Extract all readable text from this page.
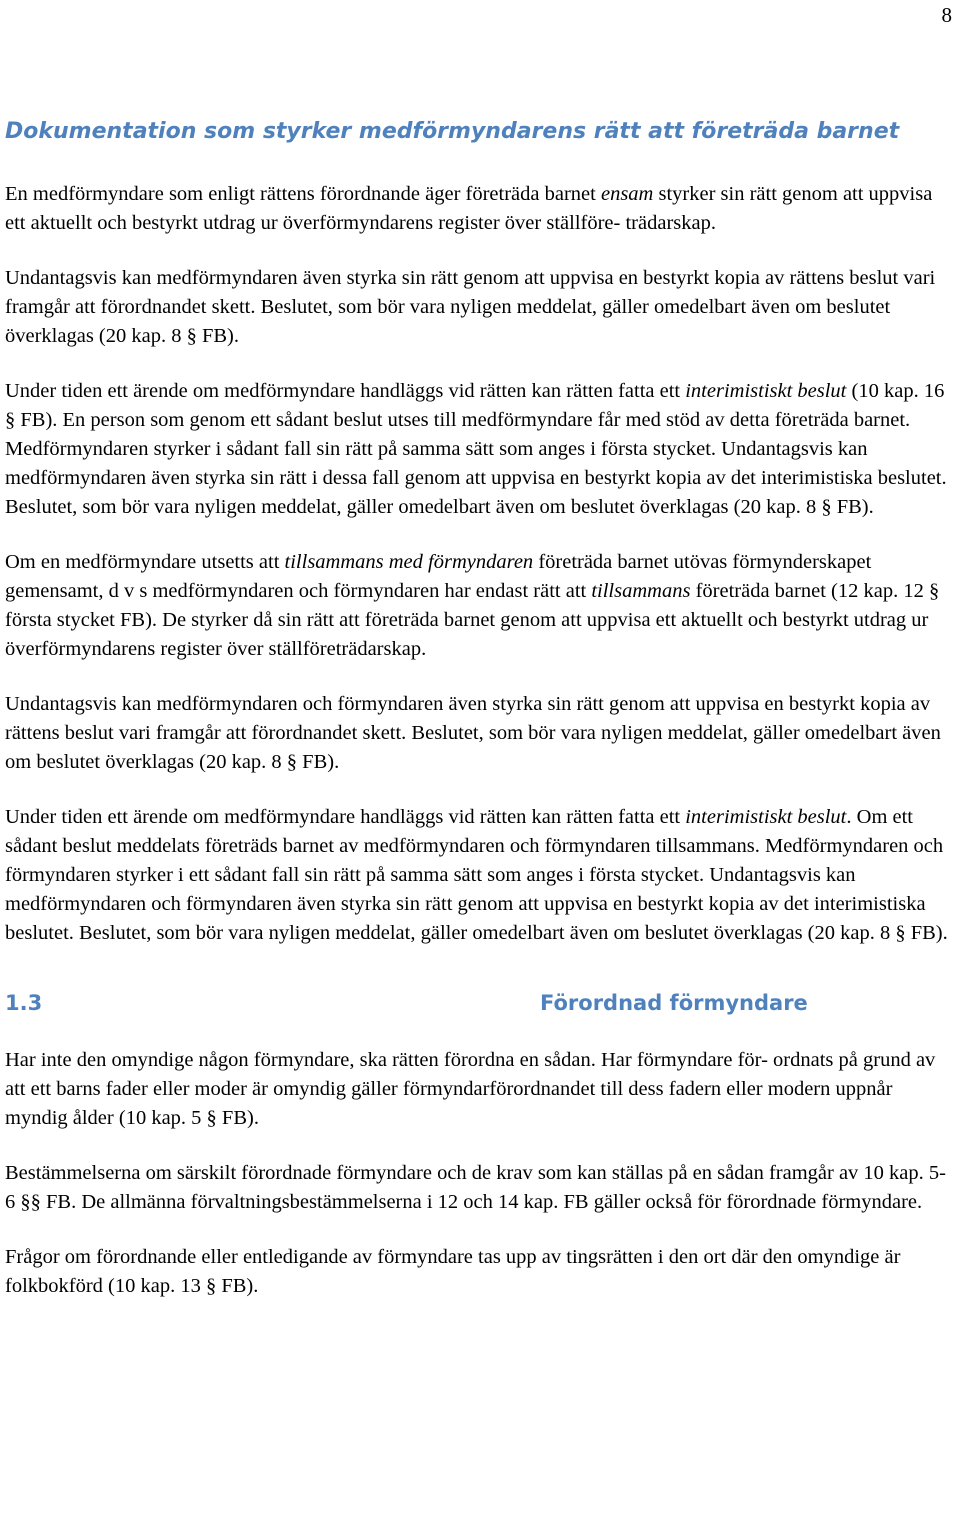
8
Dokumentation som styrker medförmyndarens rätt att företräda barnet

En medförmyndare som enligt rättens förordnande äger företräda barnet ensam styrker sin rätt genom att uppvisa ett aktuellt och bestyrkt utdrag ur överförmyndarens register över ställföre- trädarskap.

Undantagsvis kan medförmyndaren även styrka sin rätt genom att uppvisa en bestyrkt kopia av rättens beslut vari framgår att förordnandet skett. Beslutet, som bör vara nyligen meddelat, gäller omedelbart även om beslutet överklagas (20 kap. 8 § FB).

Under tiden ett ärende om medförmyndare handläggs vid rätten kan rätten fatta ett interimistiskt beslut (10 kap. 16 § FB). En person som genom ett sådant beslut utses till medförmyndare får med stöd av detta företräda barnet. Medförmyndaren styrker i sådant fall sin rätt på samma sätt som anges i första stycket. Undantagsvis kan medförmyndaren även styrka sin rätt i dessa fall genom att uppvisa en bestyrkt kopia av det interimistiska beslutet. Beslutet, som bör vara nyligen meddelat, gäller omedelbart även om beslutet överklagas (20 kap. 8 § FB).

Om en medförmyndare utsetts att tillsammans med förmyndaren företräda barnet utövas förmynderskapet gemensamt, d v s medförmyndaren och förmyndaren har endast rätt att tillsammans företräda barnet (12 kap. 12 § första stycket FB). De styrker då sin rätt att företräda barnet genom att uppvisa ett aktuellt och bestyrkt utdrag ur överförmyndarens register över ställföreträdarskap.

Undantagsvis kan medförmyndaren och förmyndaren även styrka sin rätt genom att uppvisa en bestyrkt kopia av rättens beslut vari framgår att förordnandet skett. Beslutet, som bör vara nyligen meddelat, gäller omedelbart även om beslutet överklagas (20 kap. 8 § FB).

Under tiden ett ärende om medförmyndare handläggs vid rätten kan rätten fatta ett interimistiskt beslut. Om ett sådant beslut meddelats företräds barnet av medförmyndaren och förmyndaren tillsammans. Medförmyndaren och förmyndaren styrker i ett sådant fall sin rätt på samma sätt som anges i första stycket. Undantagsvis kan medförmyndaren och förmyndaren även styrka sin rätt genom att uppvisa en bestyrkt kopia av det interimistiska beslutet. Beslutet, som bör vara nyligen meddelat, gäller omedelbart även om beslutet överklagas (20 kap. 8 § FB).

1.3	Förordnad förmyndare

Har inte den omyndige någon förmyndare, ska rätten förordna en sådan. Har förmyndare för- ordnats på grund av att ett barns fader eller moder är omyndig gäller förmyndarförordnandet till dess fadern eller modern uppnår myndig ålder (10 kap. 5 § FB).

Bestämmelserna om särskilt förordnade förmyndare och de krav som kan ställas på en sådan framgår av 10 kap. 5-6 §§ FB. De allmänna förvaltningsbestämmelserna i 12 och 14 kap. FB gäller också för förordnade förmyndare.

Frågor om förordnande eller entledigande av förmyndare tas upp av tingsrätten i den ort där den omyndige är folkbokförd (10 kap. 13 § FB).
